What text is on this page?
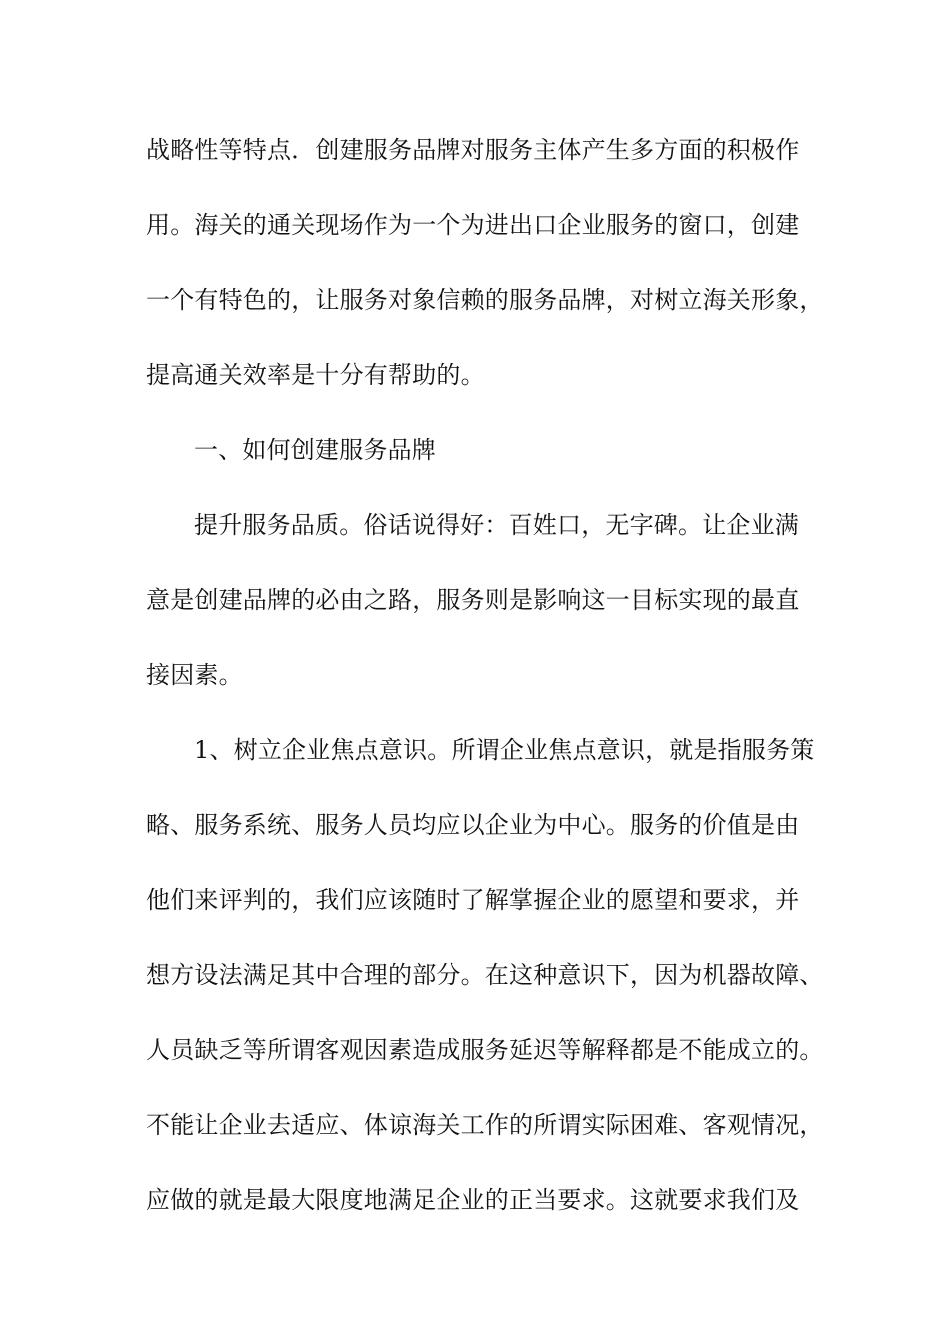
战略性等特点．创建服务品牌对服务主体产生多方面的积极作
用。海关的通关现场作为一个为进出口企业服务的窗口，创建
一个有特色的，让服务对象信赖的服务品牌，对树立海关形象，
提高通关效率是十分有帮助的。
一、如何创建服务品牌
提升服务品质。俗话说得好：百姓口，无字碑。让企业满
意是创建品牌的必由之路，服务则是影响这一目标实现的最直
接因素。
1、树立企业焦点意识。所谓企业焦点意识，就是指服务策
略、服务系统、服务人员均应以企业为中心。服务的价值是由
他们来评判的，我们应该随时了解掌握企业的愿望和要求，并
想方设法满足其中合理的部分。在这种意识下，因为机器故障、
人员缺乏等所谓客观因素造成服务延迟等解释都是不能成立的。
不能让企业去适应、体谅海关工作的所谓实际困难、客观情况，
应做的就是最大限度地满足企业的正当要求。这就要求我们及
